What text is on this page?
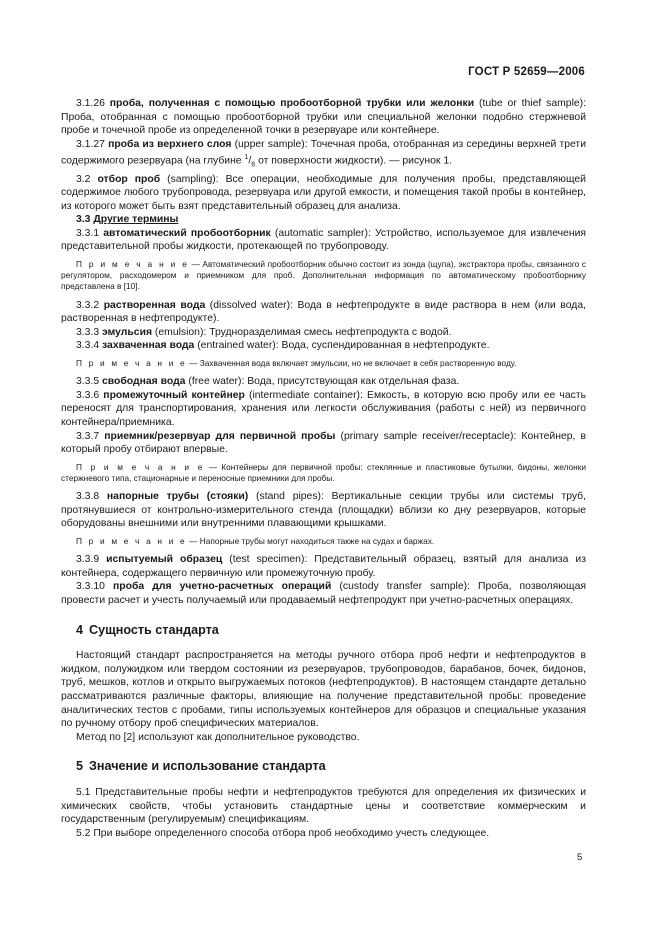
ГОСТ Р 52659—2006

3.1.26 проба, полученная с помощью пробоотборной трубки или желонки (tube or thief sample): Проба, отобранная с помощью пробоотборной трубки или специальной желонки подобно стержневой пробе и точечной пробе из определенной точки в резервуаре или контейнере.

3.1.27 проба из верхнего слоя (upper sample): Точечная проба, отобранная из середины верхней трети содержимого резервуара (на глубине $^1/_6$ от поверхности жидкости). — рисунок 1.

3.2 отбор проб (sampling): Все операции, необходимые для получения пробы, представляющей содержимое любого трубопровода, резервуара или другой емкости, и помещения такой пробы в контейнер, из которого может быть взят представительный образец для анализа.

3.3 Другие термины

3.3.1 автоматический пробоотборник (automatic sampler): Устройство, используемое для извлечения представительной пробы жидкости, протекающей по трубопроводу.

П р и м е ч а н и е — Автоматический пробоотборник обычно состоит из зонда (щупа), экстрактора пробы, связанного с регулятором, расходомером и приемником для проб. Дополнительная информация по автоматическому пробоотборнику представлена в [10].

3.3.2 растворенная вода (dissolved water): Вода в нефтепродукте в виде раствора в нем (или вода, растворенная в нефтепродукте).

3.3.3 эмульсия (emulsion): Трудноразделимая смесь нефтепродукта с водой.

3.3.4 захваченная вода (entrained water): Вода, суспендированная в нефтепродукте.

П р и м е ч а н и е — Захваченная вода включает эмульсии, но не включает в себя растворенную воду.

3.3.5 свободная вода (free water): Вода, присутствующая как отдельная фаза.

3.3.6 промежуточный контейнер (intermediate container): Емкость, в которую всю пробу или ее часть переносят для транспортирования, хранения или легкости обслуживания (работы с ней) из первичного контейнера/приемника.

3.3.7 приемник/резервуар для первичной пробы (primary sample receiver/receptacle): Контейнер, в который пробу отбирают впервые.

П р и м е ч а н и е — Контейнеры для первичной пробы: стеклянные и пластиковые бутылки, бидоны, желонки стержневого типа, стационарные и переносные приемники для пробы.

3.3.8 напорные трубы (стояки) (stand pipes): Вертикальные секции трубы или системы труб, протянувшиеся от контрольно-измерительного стенда (площадки) вблизи ко дну резервуаров, которые оборудованы внешними или внутренними плавающими крышками.

П р и м е ч а н и е — Напорные трубы могут находиться также на судах и баржах.

3.3.9 испытуемый образец (test specimen): Представительный образец, взятый для анализа из контейнера, содержащего первичную или промежуточную пробу.

3.3.10 проба для учетно-расчетных операций (custody transfer sample): Проба, позволяющая провести расчет и учесть получаемый или продаваемый нефтепродукт при учетно-расчетных операциях.

4 Сущность стандарта

Настоящий стандарт распространяется на методы ручного отбора проб нефти и нефтепродуктов в жидком, полужидком или твердом состоянии из резервуаров, трубопроводов, барабанов, бочек, бидонов, труб, мешков, котлов и открыто выгружаемых потоков (нефтепродуктов). В настоящем стандарте детально рассматриваются различные факторы, влияющие на получение представительной пробы: проведение аналитических тестов с пробами, типы используемых контейнеров для образцов и специальные указания по ручному отбору проб специфических материалов.

Метод по [2] используют как дополнительное руководство.

5 Значение и использование стандарта

5.1 Представительные пробы нефти и нефтепродуктов требуются для определения их физических и химических свойств, чтобы установить стандартные цены и соответствие коммерческим и государственным (регулируемым) спецификациям.

5.2 При выборе определенного способа отбора проб необходимо учесть следующее.

5
